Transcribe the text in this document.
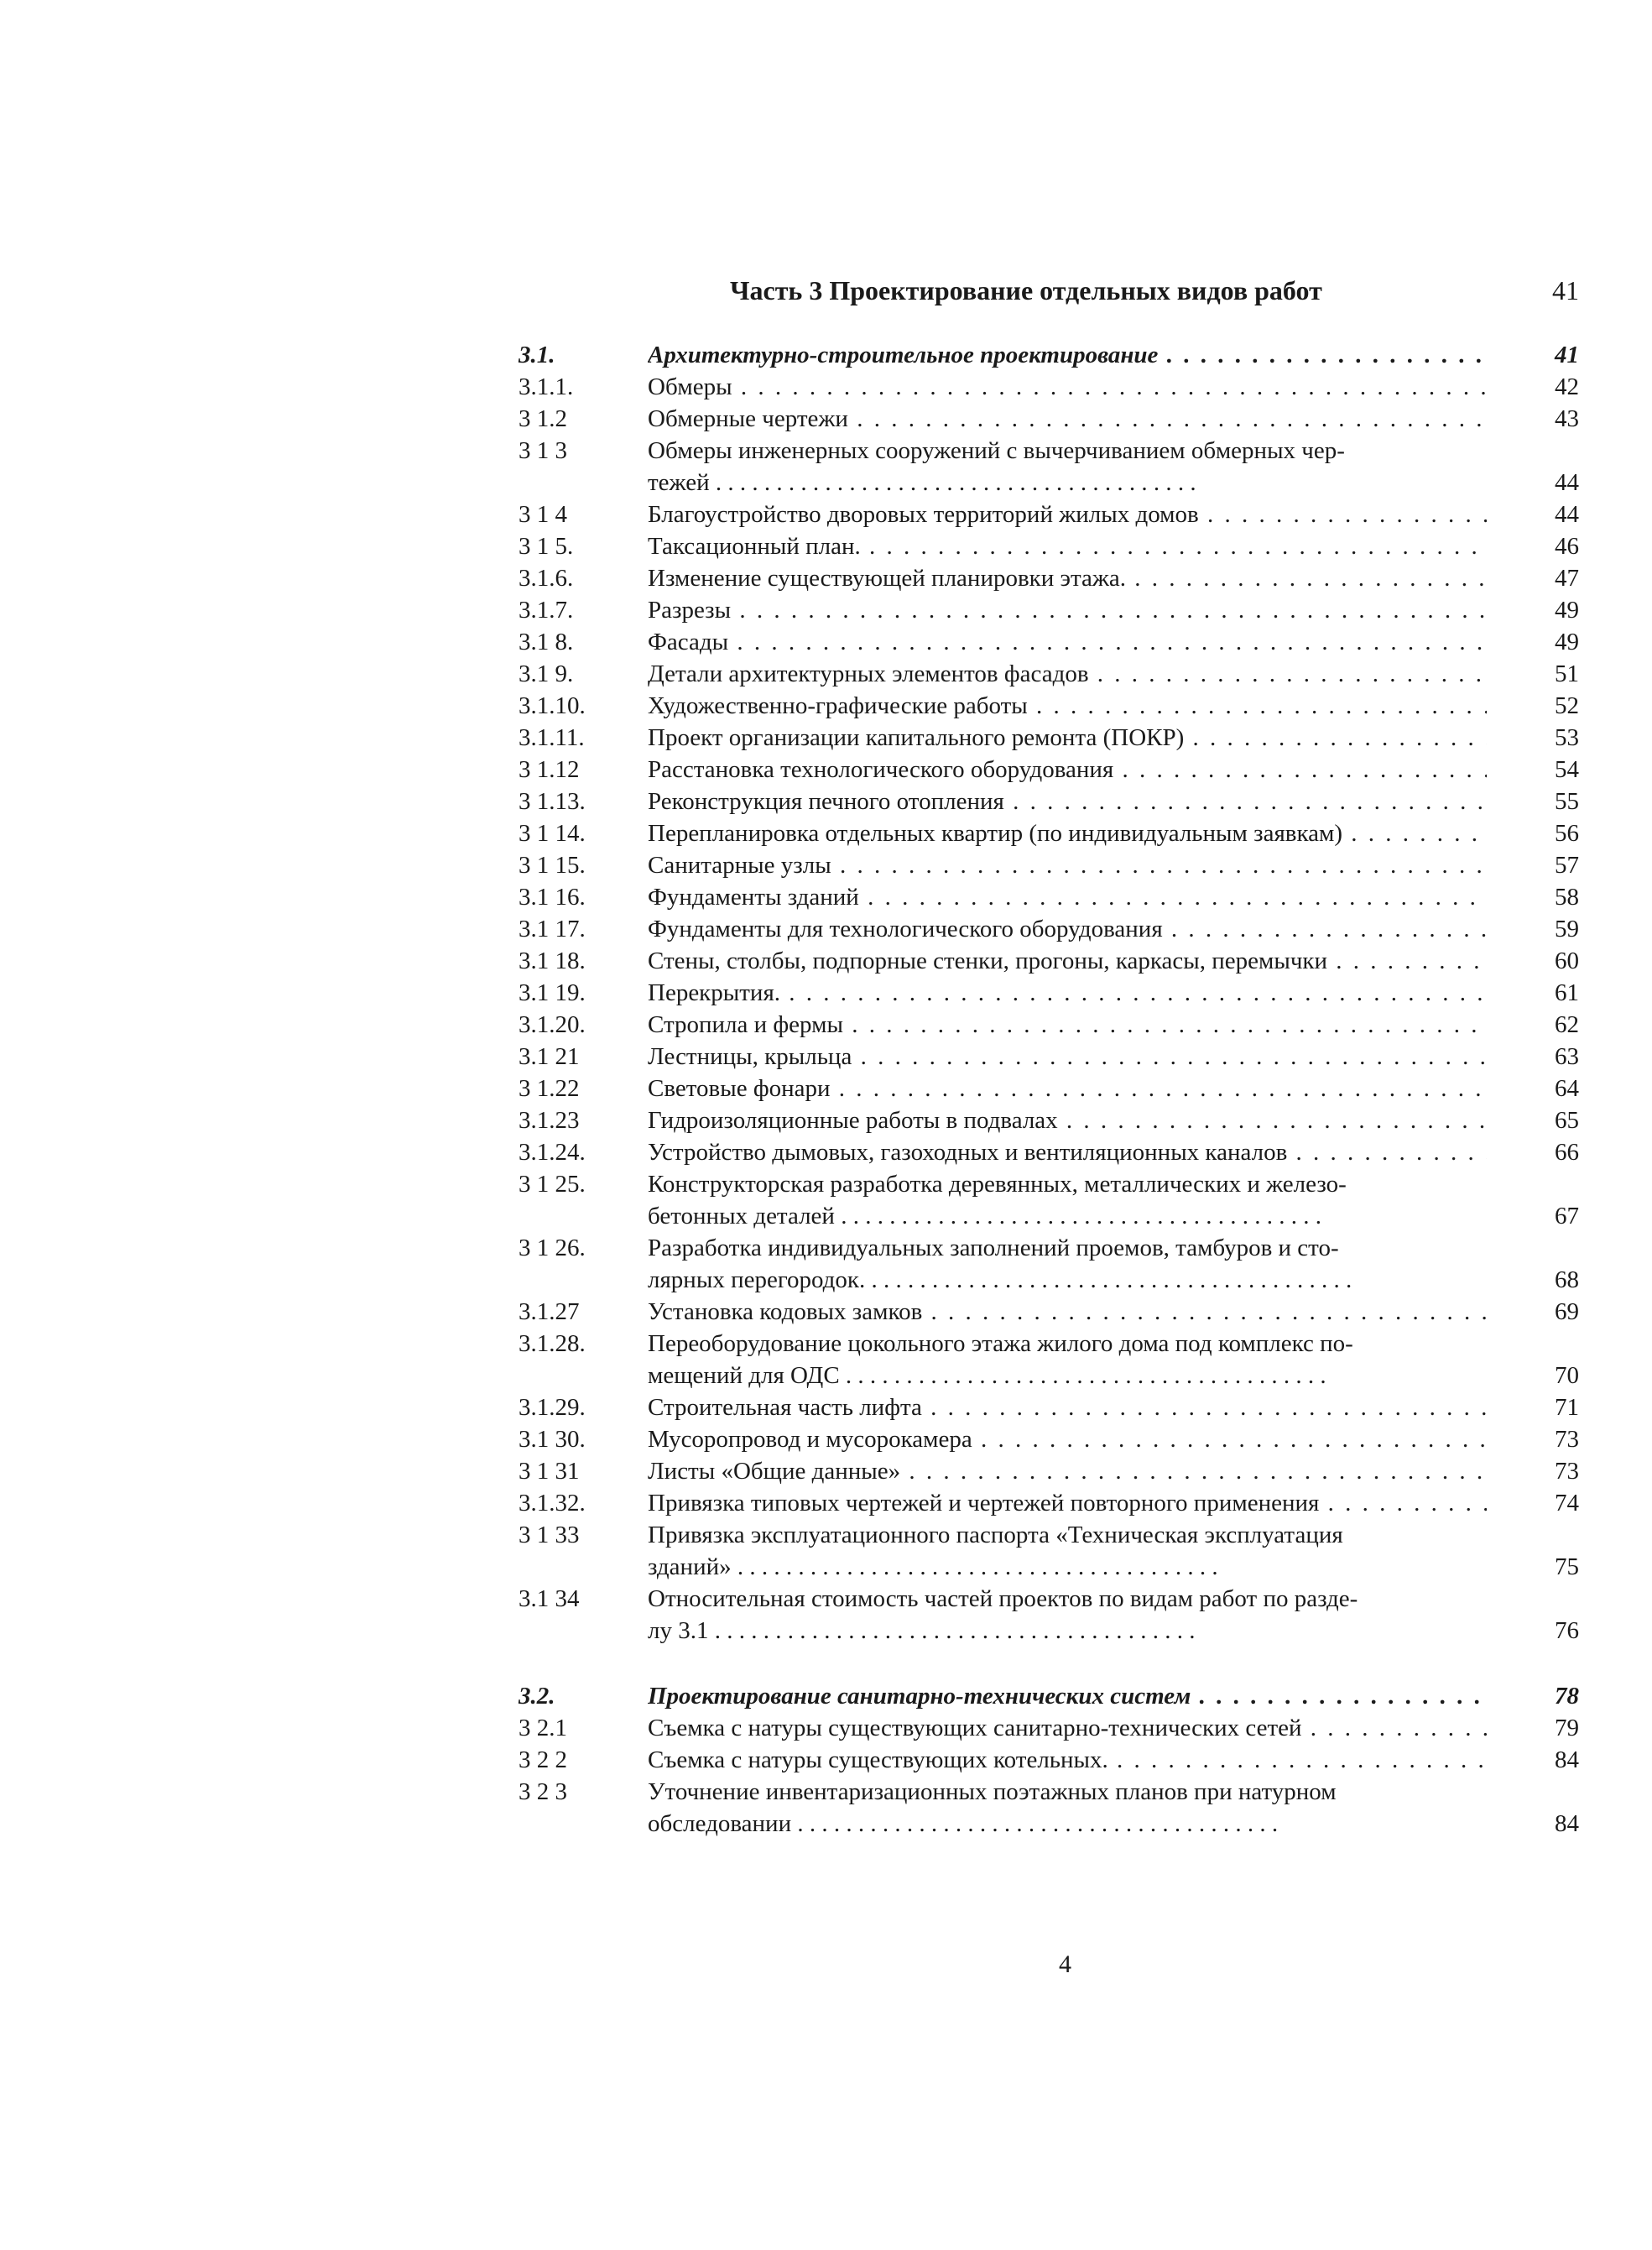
Часть 3 Проектирование отдельных видов работ	41
3.1.	Архитектурно-строительное проектирование . . .	41
3.1.1.	Обмеры . . .	42
3 1.2	Обмерные чертежи . . .	43
3 1 3	Обмеры инженерных сооружений с вычерчиванием обмерных чер-
тежей . . . . . . . . . . . . . . . . . . . . . . . . . . . . . . . . . . . . . . . .	44
3 1 4	Благоустройство дворовых территорий жилых домов . . .	44
3 1 5.	Таксационный план. . . .	46
3.1.6.	Изменение существующей планировки этажа. . . .	47
3.1.7.	Разрезы . . .	49
3.1 8.	Фасады . . .	49
3.1 9.	Детали архитектурных элементов фасадов . . .	51
3.1.10.	Художественно-графические работы . . .	52
3.1.11.	Проект организации капитального ремонта (ПОКР) . . .	53
3 1.12	Расстановка технологического оборудования . . .	54
3 1.13.	Реконструкция печного отопления . . .	55
3 1 14.	Перепланировка отдельных квартир (по индивидуальным заявкам) . . .	56
3 1 15.	Санитарные узлы . . .	57
3.1 16.	Фундаменты зданий . . .	58
3.1 17.	Фундаменты для технологического оборудования . . .	59
3.1 18.	Стены, столбы, подпорные стенки, прогоны, каркасы, перемычки . . .	60
3.1 19.	Перекрытия. . . .	61
3.1.20.	Стропила и фермы . . .	62
3.1 21	Лестницы, крыльца . . .	63
3 1.22	Световые фонари . . .	64
3.1.23	Гидроизоляционные работы в подвалах . . .	65
3.1.24.	Устройство дымовых, газоходных и вентиляционных каналов . . .	66
3 1 25.	Конструкторская разработка деревянных, металлических и железо-
бетонных деталей . . . . . . . . . . . . . . . . . . . . . . . . . . . . . . . . . . . . . . . .	67
3 1 26.	Разработка индивидуальных заполнений проемов, тамбуров и сто-
лярных перегородок. . . . . . . . . . . . . . . . . . . . . . . . . . . . . . . . . . . . . . . . .	68
3.1.27	Установка кодовых замков . . .	69
3.1.28.	Переоборудование цокольного этажа жилого дома под комплекс по-
мещений для ОДС . . . . . . . . . . . . . . . . . . . . . . . . . . . . . . . . . . . . . . . .	70
3.1.29.	Строительная часть лифта . . .	71
3.1 30.	Мусоропровод и мусорокамера . . .	73
3 1 31	Листы «Общие данные» . . .	73
3.1.32.	Привязка типовых чертежей и чертежей повторного применения . . .	74
3 1 33	Привязка эксплуатационного паспорта «Техническая эксплуатация
зданий» . . . . . . . . . . . . . . . . . . . . . . . . . . . . . . . . . . . . . . . .	75
3.1 34	Относительная стоимость частей проектов по видам работ по разде-
лу 3.1 . . . . . . . . . . . . . . . . . . . . . . . . . . . . . . . . . . . . . . . .	76
3.2.	Проектирование санитарно-технических систем . . .	78
3 2.1	Съемка с натуры существующих санитарно-технических сетей . . .	79
3 2 2	Съемка с натуры существующих котельных. . . .	84
3 2 3	Уточнение инвентаризационных поэтажных планов при натурном
обследовании . . . . . . . . . . . . . . . . . . . . . . . . . . . . . . . . . . . . . . . .	84
4
